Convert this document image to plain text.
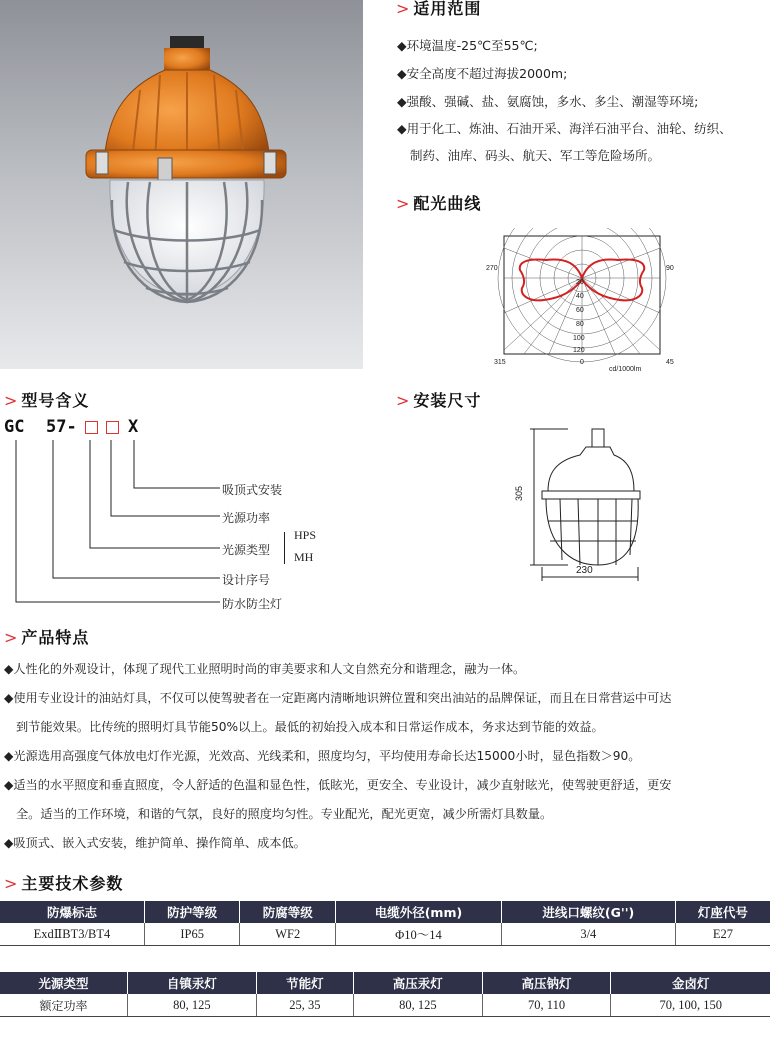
> 适用范围
◆环境温度-25℃至55℃;
◆安全高度不超过海拔2000m;
◆强酸、强碱、盐、氨腐蚀，多水、多尘、潮湿等环境;
◆用于化工、炼油、石油开采、海洋石油平台、油轮、纺织、
制药、油库、码头、航天、军工等危险场所。
> 配光曲线
20
40
60
80
100
120
270	90
315	0	45
cd/1000lm
> 型号含义
GC 57-	X
吸顶式安装
光源功率
光源类型
HPS
MH
设计序号
防水防尘灯
> 安装尺寸
305
230
> 产品特点
◆人性化的外观设计，体现了现代工业照明时尚的审美要求和人文自然充分和谐理念，融为一体。
◆使用专业设计的油站灯具，不仅可以使驾驶者在一定距离内清晰地识辨位置和突出油站的品牌保证，而且在日常营运中可达
到节能效果。比传统的照明灯具节能50%以上。最低的初始投入成本和日常运作成本，务求达到节能的效益。
◆光源选用高强度气体放电灯作光源，光效高、光线柔和，照度均匀，平均使用寿命长达15000小时，显色指数＞90。
◆适当的水平照度和垂直照度，令人舒适的色温和显色性，低眩光，更安全、专业设计，减少直射眩光，使驾驶更舒适，更安
全。适当的工作环境，和谐的气氛，良好的照度均匀性。专业配光，配光更宽，减少所需灯具数量。
◆吸顶式、嵌入式安装，维护简单、操作简单、成本低。
> 主要技术参数
防爆标志	防护等级	防腐等级	电缆外径(mm)	进线口螺纹(G'')	灯座代号
ExdⅡBT3/BT4	IP65	WF2	Φ10～14	3/4	E27
光源类型	自镇汞灯	节能灯	高压汞灯	高压钠灯	金卤灯
额定功率	80, 125	25, 35	80, 125	70, 110	70, 100, 150
